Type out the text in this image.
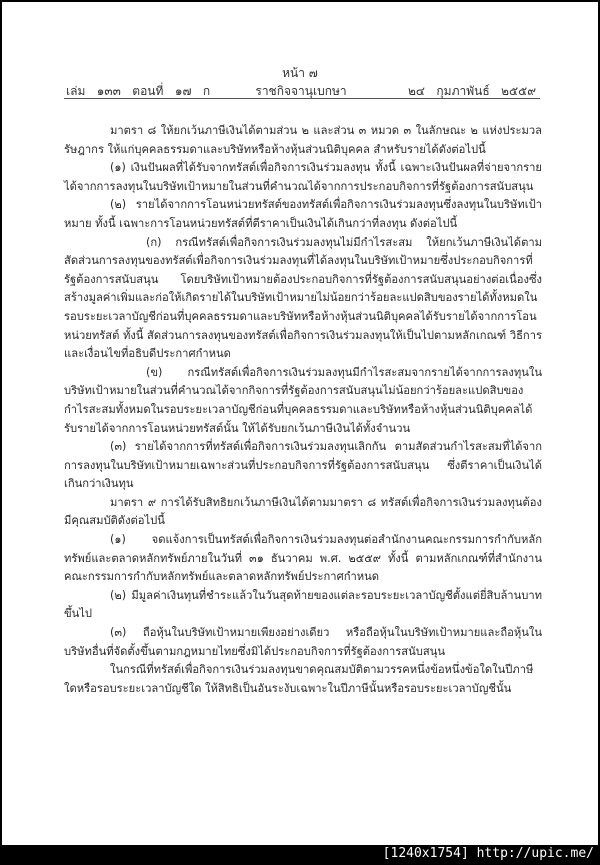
หน้า ๗
เล่ม   ๑๓๓   ตอนที่   ๑๗   ก	ราชกิจจานุเบกษา	๒๔   กุมภาพันธ์   ๒๕๕๙

มาตรา ๘ ให้ยกเว้นภาษีเงินได้ตามส่วน ๒ และส่วน ๓ หมวด ๓ ในลักษณะ ๒ แห่งประมวลรัษฎากร ให้แก่บุคคลธรรมดาและบริษัทหรือห้างหุ้นส่วนนิติบุคคล สำหรับรายได้ดังต่อไปนี้

(๑) เงินปันผลที่ได้รับจากทรัสต์เพื่อกิจการเงินร่วมลงทุน ทั้งนี้ เฉพาะเงินปันผลที่จ่ายจากรายได้จากการลงทุนในบริษัทเป้าหมายในส่วนที่คำนวณได้จากการประกอบกิจการที่รัฐต้องการสนับสนุน

(๒) รายได้จากการโอนหน่วยทรัสต์ของทรัสต์เพื่อกิจการเงินร่วมลงทุนซึ่งลงทุนในบริษัทเป้าหมาย ทั้งนี้ เฉพาะการโอนหน่วยทรัสต์ที่ตีราคาเป็นเงินได้เกินกว่าที่ลงทุน ดังต่อไปนี้

(ก) กรณีทรัสต์เพื่อกิจการเงินร่วมลงทุนไม่มีกำไรสะสม ให้ยกเว้นภาษีเงินได้ตามสัดส่วนการลงทุนของทรัสต์เพื่อกิจการเงินร่วมลงทุนที่ได้ลงทุนในบริษัทเป้าหมายซึ่งประกอบกิจการที่รัฐต้องการสนับสนุน โดยบริษัทเป้าหมายต้องประกอบกิจการที่รัฐต้องการสนับสนุนอย่างต่อเนื่องซึ่งสร้างมูลค่าเพิ่มและก่อให้เกิดรายได้ในบริษัทเป้าหมายไม่น้อยกว่าร้อยละแปดสิบของรายได้ทั้งหมดในรอบระยะเวลาบัญชีก่อนที่บุคคลธรรมดาและบริษัทหรือห้างหุ้นส่วนนิติบุคคลได้รับรายได้จากการโอนหน่วยทรัสต์ ทั้งนี้ สัดส่วนการลงทุนของทรัสต์เพื่อกิจการเงินร่วมลงทุนให้เป็นไปตามหลักเกณฑ์ วิธีการ และเงื่อนไขที่อธิบดีประกาศกำหนด

(ข) กรณีทรัสต์เพื่อกิจการเงินร่วมลงทุนมีกำไรสะสมจากรายได้จากการลงทุนในบริษัทเป้าหมายในส่วนที่คำนวณได้จากกิจการที่รัฐต้องการสนับสนุนไม่น้อยกว่าร้อยละแปดสิบของกำไรสะสมทั้งหมดในรอบระยะเวลาบัญชีก่อนที่บุคคลธรรมดาและบริษัทหรือห้างหุ้นส่วนนิติบุคคลได้รับรายได้จากการโอนหน่วยทรัสต์นั้น ให้ได้รับยกเว้นภาษีเงินได้ทั้งจำนวน

(๓) รายได้จากการที่ทรัสต์เพื่อกิจการเงินร่วมลงทุนเลิกกัน ตามสัดส่วนกำไรสะสมที่ได้จากการลงทุนในบริษัทเป้าหมายเฉพาะส่วนที่ประกอบกิจการที่รัฐต้องการสนับสนุน ซึ่งตีราคาเป็นเงินได้เกินกว่าเงินทุน

มาตรา ๙ การได้รับสิทธิยกเว้นภาษีเงินได้ตามมาตรา ๘ ทรัสต์เพื่อกิจการเงินร่วมลงทุนต้องมีคุณสมบัติดังต่อไปนี้

(๑) จดแจ้งการเป็นทรัสต์เพื่อกิจการเงินร่วมลงทุนต่อสำนักงานคณะกรรมการกำกับหลักทรัพย์และตลาดหลักทรัพย์ภายในวันที่ ๓๑ ธันวาคม พ.ศ. ๒๕๕๙ ทั้งนี้ ตามหลักเกณฑ์ที่สำนักงานคณะกรรมการกำกับหลักทรัพย์และตลาดหลักทรัพย์ประกาศกำหนด

(๒) มีมูลค่าเงินทุนที่ชำระแล้วในวันสุดท้ายของแต่ละรอบระยะเวลาบัญชีตั้งแต่ยี่สิบล้านบาทขึ้นไป

(๓) ถือหุ้นในบริษัทเป้าหมายเพียงอย่างเดียว หรือถือหุ้นในบริษัทเป้าหมายและถือหุ้นในบริษัทอื่นที่จัดตั้งขึ้นตามกฎหมายไทยซึ่งมิได้ประกอบกิจการที่รัฐต้องการสนับสนุน

ในกรณีที่ทรัสต์เพื่อกิจการเงินร่วมลงทุนขาดคุณสมบัติตามวรรคหนึ่งข้อหนึ่งข้อใดในปีภาษีใดหรือรอบระยะเวลาบัญชีใด ให้สิทธิเป็นอันระงับเฉพาะในปีภาษีนั้นหรือรอบระยะเวลาบัญชีนั้น

[1240x1754] http://upic.me/
